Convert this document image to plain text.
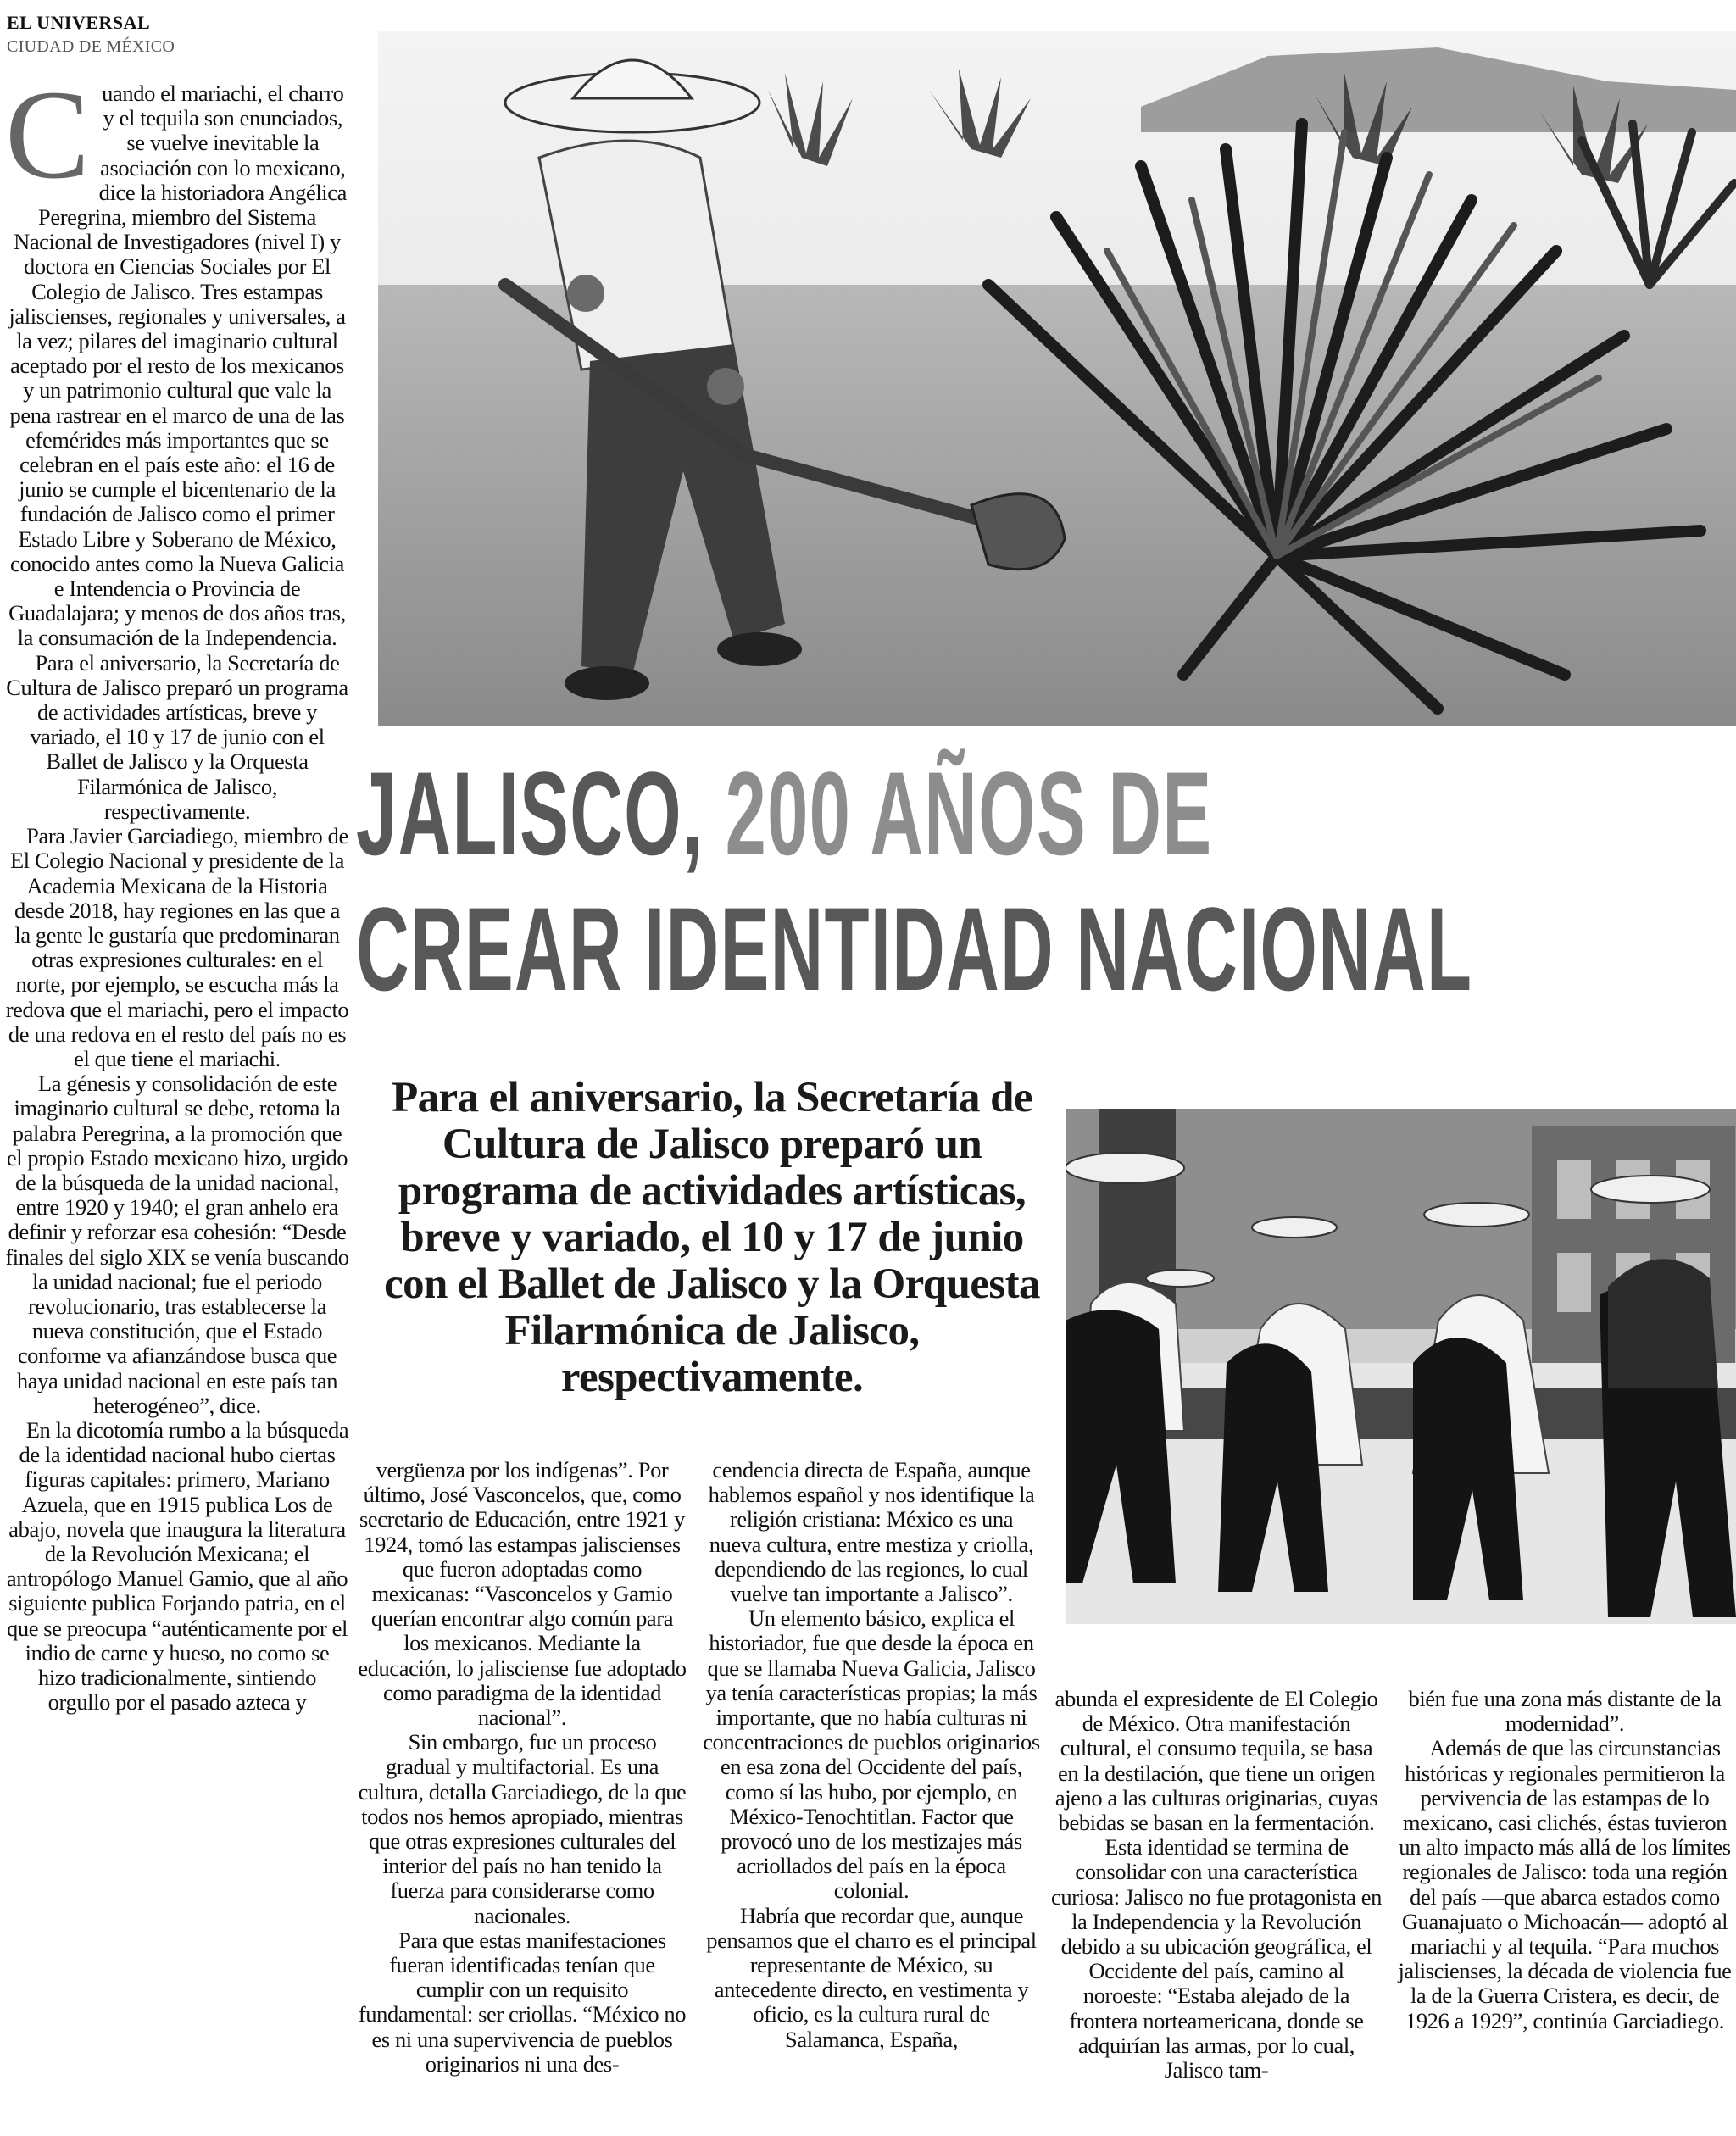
EL UNIVERSAL
CIUDAD DE MÉXICO
C uando el mariachi, el charro y el tequila son enunciados, se vuelve inevitable la asociación con lo mexicano, dice la historiadora Angélica Peregrina, miembro del Sistema Nacional de Investigadores (nivel I) y doctora en Ciencias Sociales por El Colegio de Jalisco. Tres estampas jaliscienses, regionales y universales, a la vez; pilares del imaginario cultural aceptado por el resto de los mexicanos y un patrimonio cultural que vale la pena rastrear en el marco de una de las efemérides más importantes que se celebran en el país este año: el 16 de junio se cumple el bicentenario de la fundación de Jalisco como el primer Estado Libre y Soberano de México, conocido antes como la Nueva Galicia e Intendencia o Provincia de Guadalajara; y menos de dos años tras, la consumación de la Independencia.

Para el aniversario, la Secretaría de Cultura de Jalisco preparó un programa de actividades artísticas, breve y variado, el 10 y 17 de junio con el Ballet de Jalisco y la Orquesta Filarmónica de Jalisco, respectivamente.

Para Javier Garciadiego, miembro de El Colegio Nacional y presidente de la Academia Mexicana de la Historia desde 2018, hay regiones en las que a la gente le gustaría que predominaran otras expresiones culturales: en el norte, por ejemplo, se escucha más la redova que el mariachi, pero el impacto de una redova en el resto del país no es el que tiene el mariachi.

La génesis y consolidación de este imaginario cultural se debe, retoma la palabra Peregrina, a la promoción que el propio Estado mexicano hizo, urgido de la búsqueda de la unidad nacional, entre 1920 y 1940; el gran anhelo era definir y reforzar esa cohesión: “Desde finales del siglo XIX se venía buscando la unidad nacional; fue el periodo revolucionario, tras establecerse la nueva constitución, que el Estado conforme va afianzándose busca que haya unidad nacional en este país tan heterogéneo”, dice.

En la dicotomía rumbo a la búsqueda de la identidad nacional hubo ciertas figuras capitales: primero, Mariano Azuela, que en 1915 publica Los de abajo, novela que inaugura la literatura de la Revolución Mexicana; el antropólogo Manuel Gamio, que al año siguiente publica Forjando patria, en el que se preocupa “auténticamente por el indio de carne y hueso, no como se hizo tradicionalmente, sintiendo orgullo por el pasado azteca y

JALISCO, 200 AÑOS DE
CREAR IDENTIDAD NACIONAL
Para el aniversario, la Secretaría de Cultura de Jalisco preparó un programa de actividades artísticas, breve y variado, el 10 y 17 de junio con el Ballet de Jalisco y la Orquesta Filarmónica de Jalisco, respectivamente.

vergüenza por los indígenas”. Por último, José Vasconcelos, que, como secretario de Educación, entre 1921 y 1924, tomó las estampas jaliscienses que fueron adoptadas como mexicanas: “Vasconcelos y Gamio querían encontrar algo común para los mexicanos. Mediante la educación, lo jalisciense fue adoptado como paradigma de la identidad nacional”.

Sin embargo, fue un proceso gradual y multifactorial. Es una cultura, detalla Garciadiego, de la que todos nos hemos apropiado, mientras que otras expresiones culturales del interior del país no han tenido la fuerza para considerarse como nacionales.

Para que estas manifestaciones fueran identificadas tenían que cumplir con un requisito fundamental: ser criollas. “México no es ni una supervivencia de pueblos originarios ni una des-

cendencia directa de España, aunque hablemos español y nos identifique la religión cristiana: México es una nueva cultura, entre mestiza y criolla, dependiendo de las regiones, lo cual vuelve tan importante a Jalisco”.

Un elemento básico, explica el historiador, fue que desde la época en que se llamaba Nueva Galicia, Jalisco ya tenía características propias; la más importante, que no había culturas ni concentraciones de pueblos originarios en esa zona del Occidente del país, como sí las hubo, por ejemplo, en México-Tenochtitlan. Factor que provocó uno de los mestizajes más acriollados del país en la época colonial.

Habría que recordar que, aunque pensamos que el charro es el principal representante de México, su antecedente directo, en vestimenta y oficio, es la cultura rural de Salamanca, España,

abunda el expresidente de El Colegio de México. Otra manifestación cultural, el consumo tequila, se basa en la destilación, que tiene un origen ajeno a las culturas originarias, cuyas bebidas se basan en la fermentación.

Esta identidad se termina de consolidar con una característica curiosa: Jalisco no fue protagonista en la Independencia y la Revolución debido a su ubicación geográfica, el Occidente del país, camino al noroeste: “Estaba alejado de la frontera norteamericana, donde se adquirían las armas, por lo cual, Jalisco tam-

bién fue una zona más distante de la modernidad”.

Además de que las circunstancias históricas y regionales permitieron la pervivencia de las estampas de lo mexicano, casi clichés, éstas tuvieron un alto impacto más allá de los límites regionales de Jalisco: toda una región del país —que abarca estados como Guanajuato o Michoacán— adoptó al mariachi y al tequila. “Para muchos jaliscienses, la década de violencia fue la de la Guerra Cristera, es decir, de 1926 a 1929”, continúa Garciadiego.
